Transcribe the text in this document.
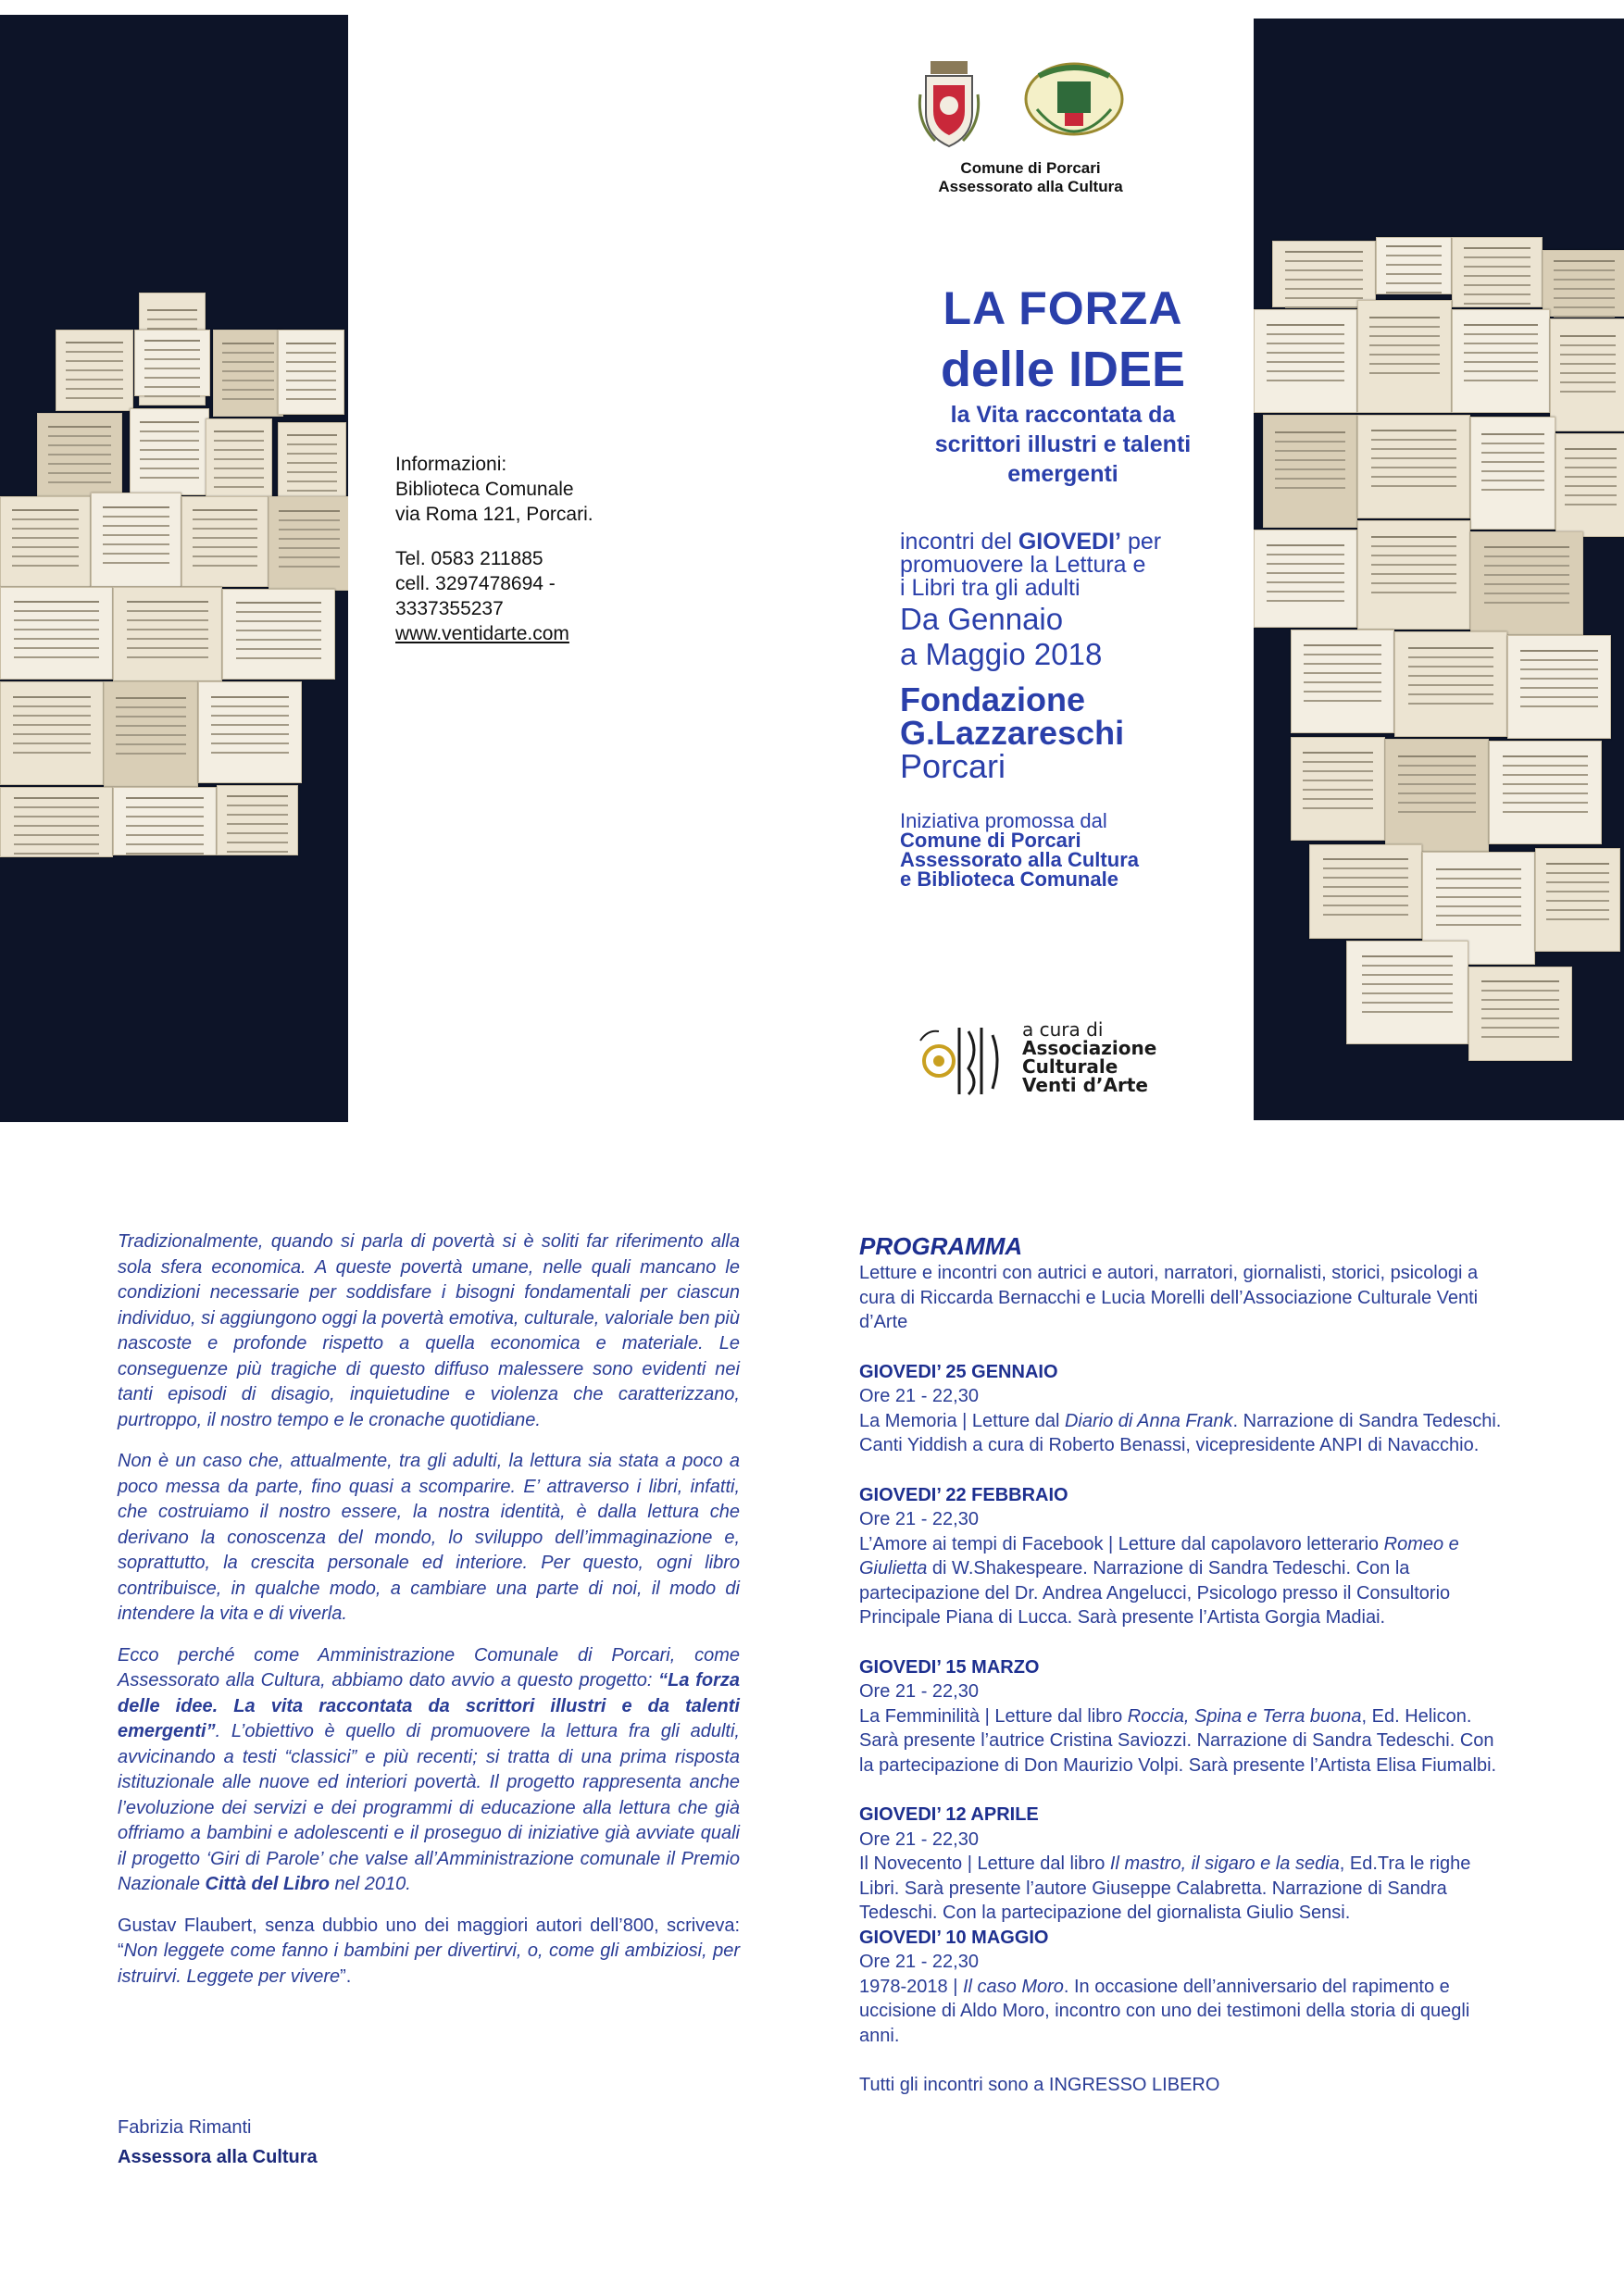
Informazioni:
Biblioteca Comunale
via Roma 121, Porcari.
Tel. 0583 211885
cell. 3297478694 -
3337355237
www.ventidarte.com
Comune di Porcari
Assessorato alla Cultura
LA FORZA
delle IDEE
la Vita raccontata da
scrittori illustri e talenti
emergenti
incontri del GIOVEDI’ per
promuovere la Lettura e
i Libri tra gli adulti
Da Gennaio
a Maggio 2018
Fondazione
G.Lazzareschi
Porcari
Iniziativa promossa dal
Comune di Porcari
Assessorato alla Cultura
e Biblioteca Comunale
a cura di
Associazione
Culturale
Venti d’Arte

Tradizionalmente, quando si parla di povertà si è soliti far riferimento alla sola sfera economica. A queste povertà umane, nelle quali mancano le condizioni necessarie per soddisfare i bisogni fondamentali per ciascun individuo, si aggiungono oggi la povertà emotiva, culturale, valoriale ben più nascoste e profonde rispetto a quella economica e materiale. Le conseguenze più tragiche di questo diffuso malessere sono evidenti nei tanti episodi di disagio, inquietudine e violenza che caratterizzano, purtroppo, il nostro tempo e le cronache quotidiane.

Non è un caso che, attualmente, tra gli adulti, la lettura sia stata a poco a poco messa da parte, fino quasi a scomparire. E’ attraverso i libri, infatti, che costruiamo il nostro essere, la nostra identità, è dalla lettura che derivano la conoscenza del mondo, lo sviluppo dell’immaginazione e, soprattutto, la crescita personale ed interiore. Per questo, ogni libro contribuisce, in qualche modo, a cambiare una parte di noi, il modo di intendere la vita e di viverla.

Ecco perché come Amministrazione Comunale di Porcari, come Assessorato alla Cultura, abbiamo dato avvio a questo progetto: “La forza delle idee. La vita raccontata da scrittori illustri e da talenti emergenti”. L’obiettivo è quello di promuovere la lettura fra gli adulti, avvicinando a testi “classici” e più recenti; si tratta di una prima risposta istituzionale alle nuove ed interiori povertà. Il progetto rappresenta anche l’evoluzione dei servizi e dei programmi di educazione alla lettura che già offriamo a bambini e adolescenti e il proseguo di iniziative già avviate quali il progetto ‘Giri di Parole’ che valse all’Amministrazione comunale il Premio Nazionale Città del Libro nel 2010.

Gustav Flaubert, senza dubbio uno dei maggiori autori dell’800, scriveva: “Non leggete come fanno i bambini per divertirvi, o, come gli ambiziosi, per istruirvi. Leggete per vivere”.

Fabrizia Rimanti
Assessora alla Cultura
PROGRAMMA
Letture e incontri con autrici e autori, narratori, giornalisti, storici, psicologi a cura di Riccarda Bernacchi e Lucia Morelli dell’Associazione Culturale Venti d’Arte
GIOVEDI’ 25 GENNAIO
Ore 21 - 22,30
La Memoria | Letture dal Diario di Anna Frank. Narrazione di Sandra Tedeschi. Canti Yiddish a cura di Roberto Benassi, vicepresidente ANPI di Navacchio.
GIOVEDI’ 22 FEBBRAIO
Ore 21 - 22,30
L’Amore ai tempi di Facebook | Letture dal capolavoro letterario Romeo e Giulietta di W.Shakespeare. Narrazione di Sandra Tedeschi. Con la partecipazione del Dr. Andrea Angelucci, Psicologo presso il Consultorio Principale Piana di Lucca. Sarà presente l’Artista Gorgia Madiai.
GIOVEDI’ 15 MARZO
Ore 21 - 22,30
La Femminilità | Letture dal libro Roccia, Spina e Terra buona, Ed. Helicon. Sarà presente l’autrice Cristina Saviozzi. Narrazione di Sandra Tedeschi. Con la partecipazione di Don Maurizio Volpi. Sarà presente l’Artista Elisa Fiumalbi.
GIOVEDI’ 12 APRILE
Ore 21 - 22,30
Il Novecento | Letture dal libro Il mastro, il sigaro e la sedia, Ed.Tra le righe Libri. Sarà presente l’autore Giuseppe Calabretta. Narrazione di Sandra Tedeschi. Con la partecipazione del giornalista Giulio Sensi.
GIOVEDI’ 10 MAGGIO
Ore 21 - 22,30
1978-2018 | Il caso Moro. In occasione dell’anniversario del rapimento e uccisione di Aldo Moro, incontro con uno dei testimoni della storia di quegli anni.
Tutti gli incontri sono a INGRESSO LIBERO
